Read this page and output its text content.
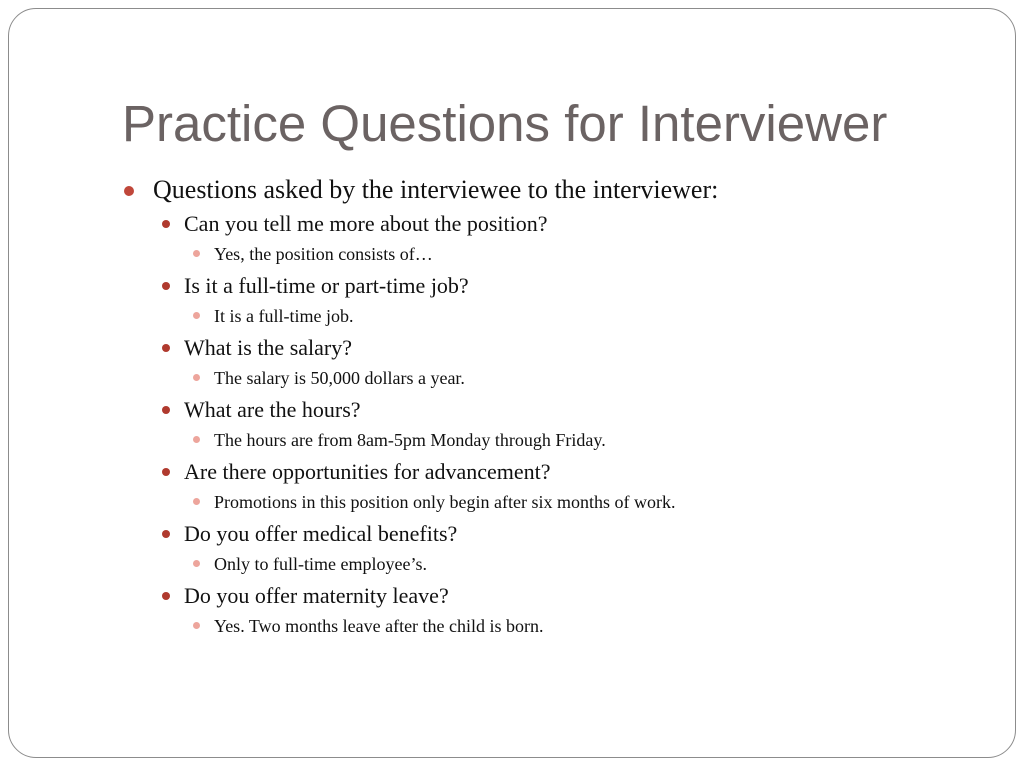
Practice Questions for Interviewer
Questions asked by the interviewee to the interviewer:
Can you tell me more about the position?
Yes, the position consists of…
Is it a full-time or part-time job?
It is a full-time job.
What is the salary?
The salary is 50,000 dollars a year.
What are the hours?
The hours are from 8am-5pm Monday through Friday.
Are there opportunities for advancement?
Promotions in this position only begin after six months of work.
Do you offer medical benefits?
Only to full-time employee’s.
Do you offer maternity leave?
Yes. Two months leave after the child is born.
